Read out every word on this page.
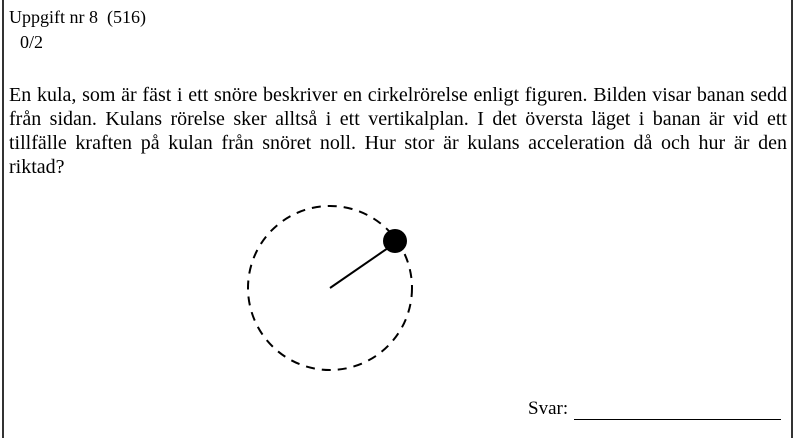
Uppgift nr 8  (516)
0/2
En kula, som är fäst i ett snöre beskriver en cirkelrörelse enligt figuren. Bilden visar banan sedd från sidan. Kulans rörelse sker alltså i ett vertikalplan. I det översta läget i banan är vid ett tillfälle kraften på kulan från snöret noll. Hur stor är kulans acceleration då och hur är den riktad?
Svar:
